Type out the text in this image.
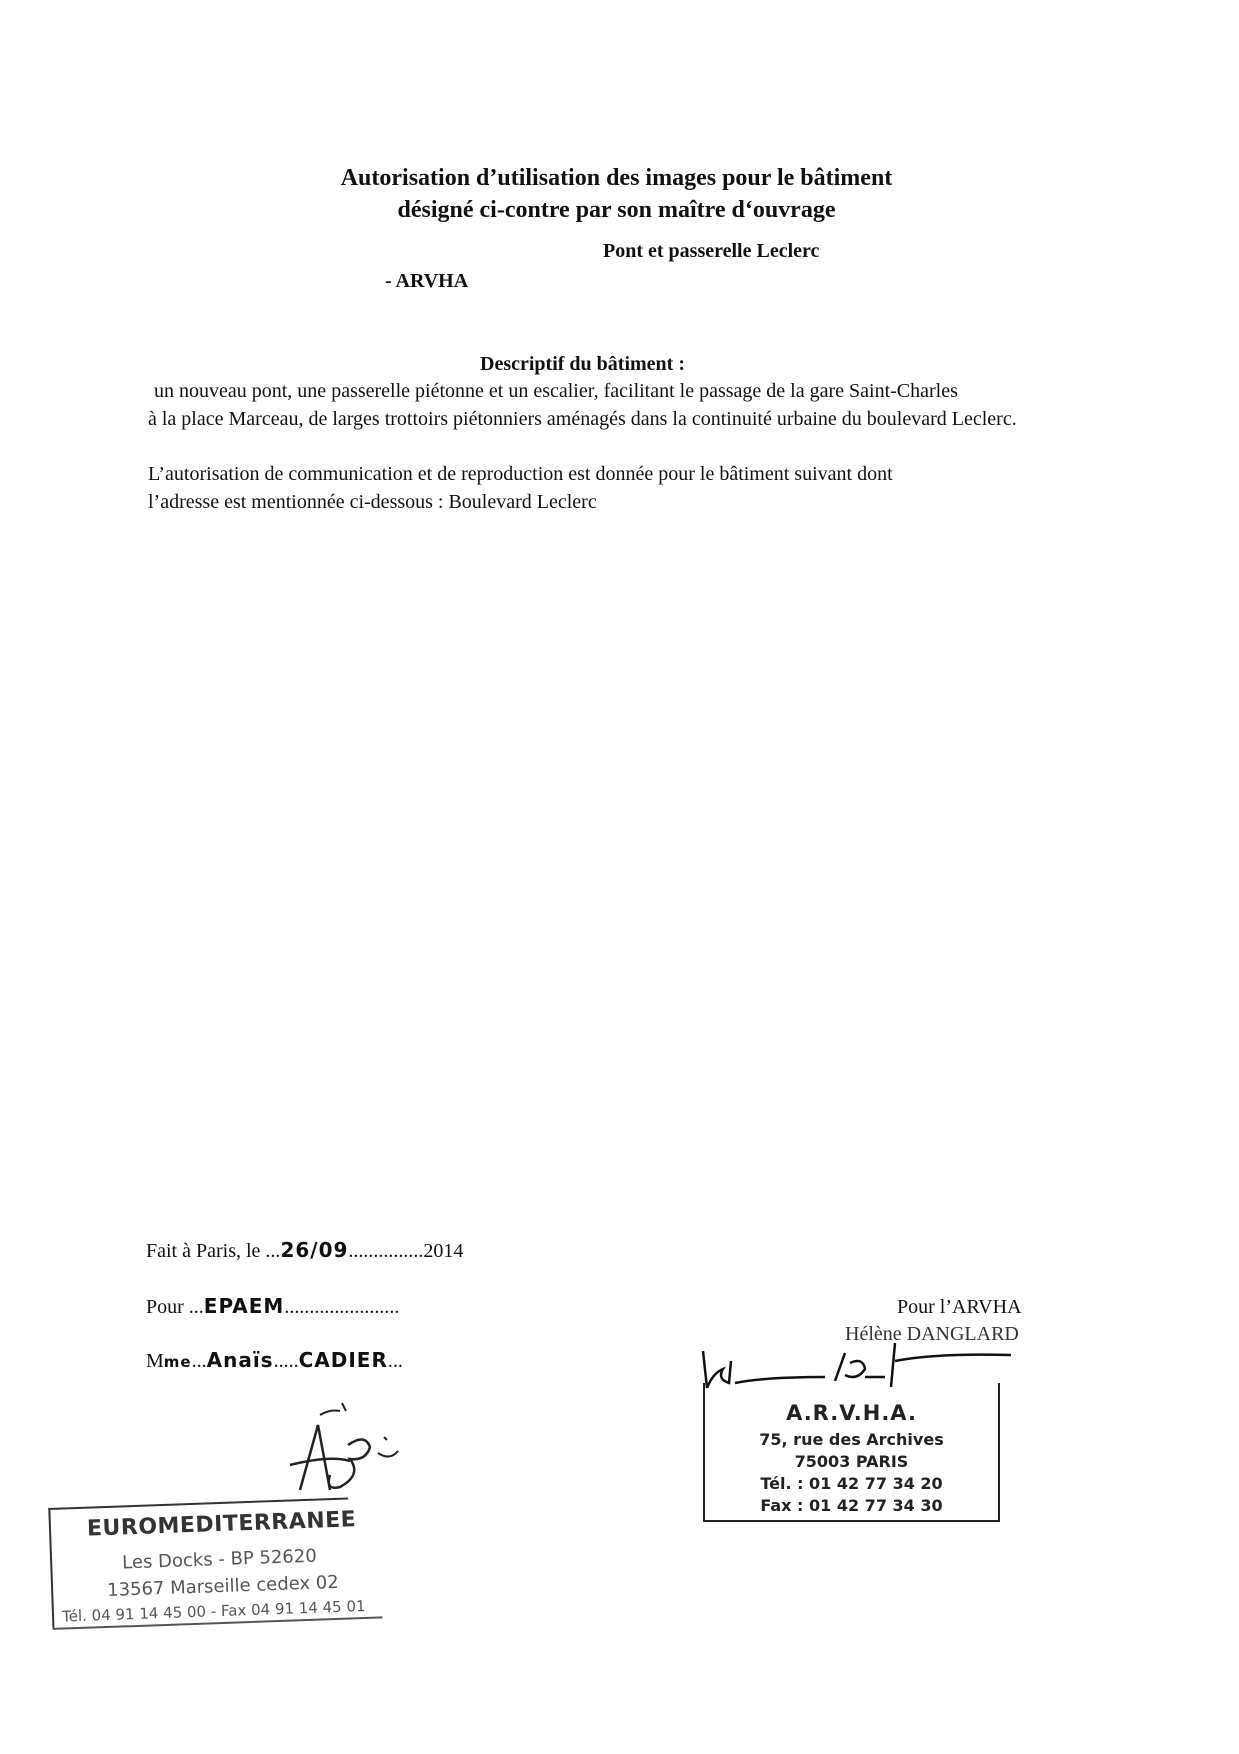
Autorisation d’utilisation des images pour le bâtiment
désigné ci-contre par son maître d‘ouvrage
Pont et passerelle Leclerc
- ARVHA
Descriptif du bâtiment :
un nouveau pont, une passerelle piétonne et un escalier, facilitant le passage de la gare Saint-Charles
à la place Marceau, de larges trottoirs piétonniers aménagés dans la continuité urbaine du boulevard Leclerc.
L’autorisation de communication et de reproduction est donnée pour le bâtiment suivant dont
l’adresse est mentionnée ci-dessous : Boulevard Leclerc
Fait à Paris, le ...26/09...............2014
Pour ...EPAEM.......................
Mme...Anaïs.....CADIER...
Pour l’ARVHA
Hélène DANGLARD
A.R.V.H.A.
75, rue des Archives
75003 PARIS
Tél. : 01 42 77 34 20
Fax : 01 42 77 34 30
EUROMEDITERRANEE
Les Docks - BP 52620
13567 Marseille cedex 02
Tél. 04 91 14 45 00 - Fax 04 91 14 45 01
